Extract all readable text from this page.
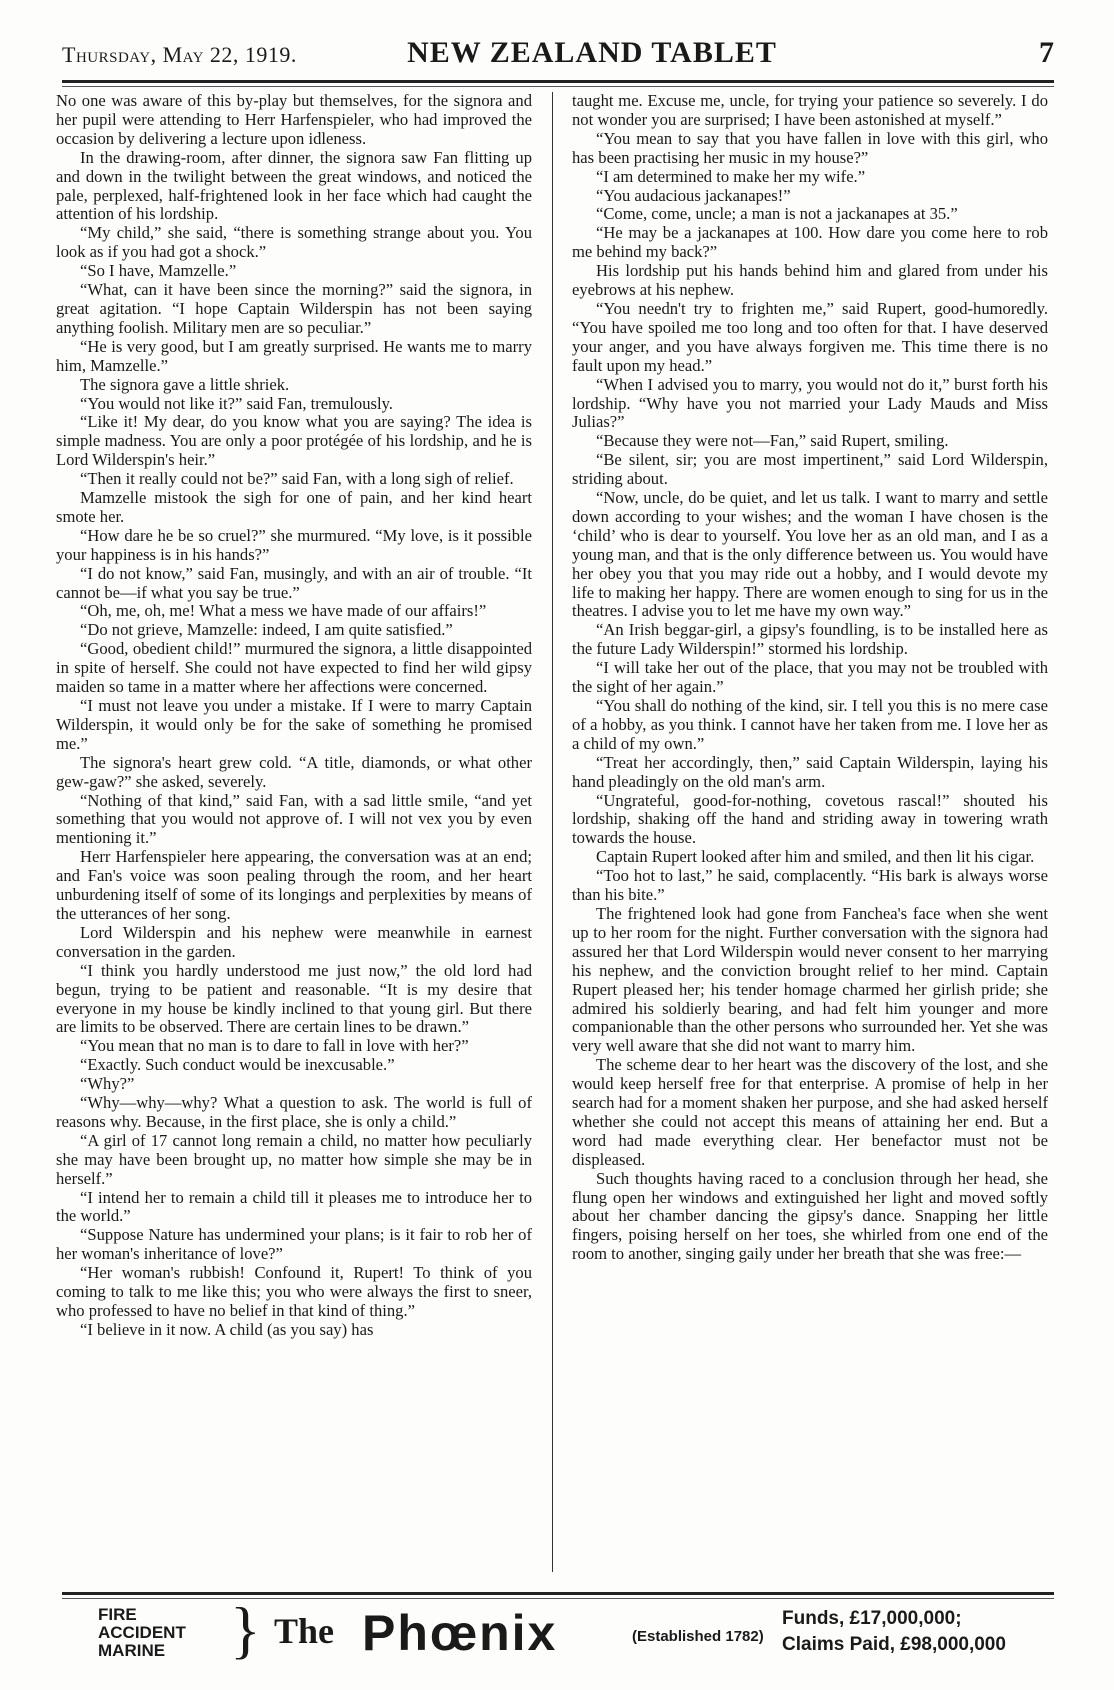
Thursday, May 22, 1919.	NEW ZEALAND TABLET	7

No one was aware of this by-play but themselves, for the signora and her pupil were attending to Herr Harfenspieler, who had improved the occasion by delivering a lecture upon idleness.

In the drawing-room, after dinner, the signora saw Fan flitting up and down in the twilight between the great windows, and noticed the pale, perplexed, half-frightened look in her face which had caught the attention of his lordship.

“My child,” she said, “there is something strange about you. You look as if you had got a shock.”

“So I have, Mamzelle.”

“What, can it have been since the morning?” said the signora, in great agitation. “I hope Captain Wilderspin has not been saying anything foolish. Military men are so peculiar.”

“He is very good, but I am greatly surprised. He wants me to marry him, Mamzelle.”

The signora gave a little shriek.

“You would not like it?” said Fan, tremulously.

“Like it! My dear, do you know what you are saying? The idea is simple madness. You are only a poor protégée of his lordship, and he is Lord Wilderspin's heir.”

“Then it really could not be?” said Fan, with a long sigh of relief.

Mamzelle mistook the sigh for one of pain, and her kind heart smote her.

“How dare he be so cruel?” she murmured. “My love, is it possible your happiness is in his hands?”

“I do not know,” said Fan, musingly, and with an air of trouble. “It cannot be—if what you say be true.”

“Oh, me, oh, me! What a mess we have made of our affairs!”

“Do not grieve, Mamzelle: indeed, I am quite satisfied.”

“Good, obedient child!” murmured the signora, a little disappointed in spite of herself. She could not have expected to find her wild gipsy maiden so tame in a matter where her affections were concerned.

“I must not leave you under a mistake. If I were to marry Captain Wilderspin, it would only be for the sake of something he promised me.”

The signora's heart grew cold. “A title, diamonds, or what other gew-gaw?” she asked, severely.

“Nothing of that kind,” said Fan, with a sad little smile, “and yet something that you would not approve of. I will not vex you by even mentioning it.”

Herr Harfenspieler here appearing, the conversation was at an end; and Fan's voice was soon pealing through the room, and her heart unburdening itself of some of its longings and perplexities by means of the utterances of her song.

Lord Wilderspin and his nephew were meanwhile in earnest conversation in the garden.

“I think you hardly understood me just now,” the old lord had begun, trying to be patient and reasonable. “It is my desire that everyone in my house be kindly inclined to that young girl. But there are limits to be observed. There are certain lines to be drawn.”

“You mean that no man is to dare to fall in love with her?”

“Exactly. Such conduct would be inexcusable.”

“Why?”

“Why—why—why? What a question to ask. The world is full of reasons why. Because, in the first place, she is only a child.”

“A girl of 17 cannot long remain a child, no matter how peculiarly she may have been brought up, no matter how simple she may be in herself.”

“I intend her to remain a child till it pleases me to introduce her to the world.”

“Suppose Nature has undermined your plans; is it fair to rob her of her woman's inheritance of love?”

“Her woman's rubbish! Confound it, Rupert! To think of you coming to talk to me like this; you who were always the first to sneer, who professed to have no belief in that kind of thing.”

“I believe in it now. A child (as you say) has

taught me. Excuse me, uncle, for trying your patience so severely. I do not wonder you are surprised; I have been astonished at myself.”

“You mean to say that you have fallen in love with this girl, who has been practising her music in my house?”

“I am determined to make her my wife.”

“You audacious jackanapes!”

“Come, come, uncle; a man is not a jackanapes at 35.”

“He may be a jackanapes at 100. How dare you come here to rob me behind my back?”

His lordship put his hands behind him and glared from under his eyebrows at his nephew.

“You needn't try to frighten me,” said Rupert, good-humoredly. “You have spoiled me too long and too often for that. I have deserved your anger, and you have always forgiven me. This time there is no fault upon my head.”

“When I advised you to marry, you would not do it,” burst forth his lordship. “Why have you not married your Lady Mauds and Miss Julias?”

“Because they were not—Fan,” said Rupert, smiling.

“Be silent, sir; you are most impertinent,” said Lord Wilderspin, striding about.

“Now, uncle, do be quiet, and let us talk. I want to marry and settle down according to your wishes; and the woman I have chosen is the ‘child’ who is dear to yourself. You love her as an old man, and I as a young man, and that is the only difference between us. You would have her obey you that you may ride out a hobby, and I would devote my life to making her happy. There are women enough to sing for us in the theatres. I advise you to let me have my own way.”

“An Irish beggar-girl, a gipsy's foundling, is to be installed here as the future Lady Wilderspin!” stormed his lordship.

“I will take her out of the place, that you may not be troubled with the sight of her again.”

“You shall do nothing of the kind, sir. I tell you this is no mere case of a hobby, as you think. I cannot have her taken from me. I love her as a child of my own.”

“Treat her accordingly, then,” said Captain Wilderspin, laying his hand pleadingly on the old man's arm.

“Ungrateful, good-for-nothing, covetous rascal!” shouted his lordship, shaking off the hand and striding away in towering wrath towards the house.

Captain Rupert looked after him and smiled, and then lit his cigar.

“Too hot to last,” he said, complacently. “His bark is always worse than his bite.”

The frightened look had gone from Fanchea's face when she went up to her room for the night. Further conversation with the signora had assured her that Lord Wilderspin would never consent to her marrying his nephew, and the conviction brought relief to her mind. Captain Rupert pleased her; his tender homage charmed her girlish pride; she admired his soldierly bearing, and had felt him younger and more companionable than the other persons who surrounded her. Yet she was very well aware that she did not want to marry him.

The scheme dear to her heart was the discovery of the lost, and she would keep herself free for that enterprise. A promise of help in her search had for a moment shaken her purpose, and she had asked herself whether she could not accept this means of attaining her end. But a word had made everything clear. Her benefactor must not be displeased.

Such thoughts having raced to a conclusion through her head, she flung open her windows and extinguished her light and moved softly about her chamber dancing the gipsy's dance. Snapping her little fingers, poising herself on her toes, she whirled from one end of the room to another, singing gaily under her breath that she was free:—

FIRE
ACCIDENT
MARINE	} The Phœnix	(Established 1782)
Funds, £17,000,000;
Claims Paid, £98,000,000
